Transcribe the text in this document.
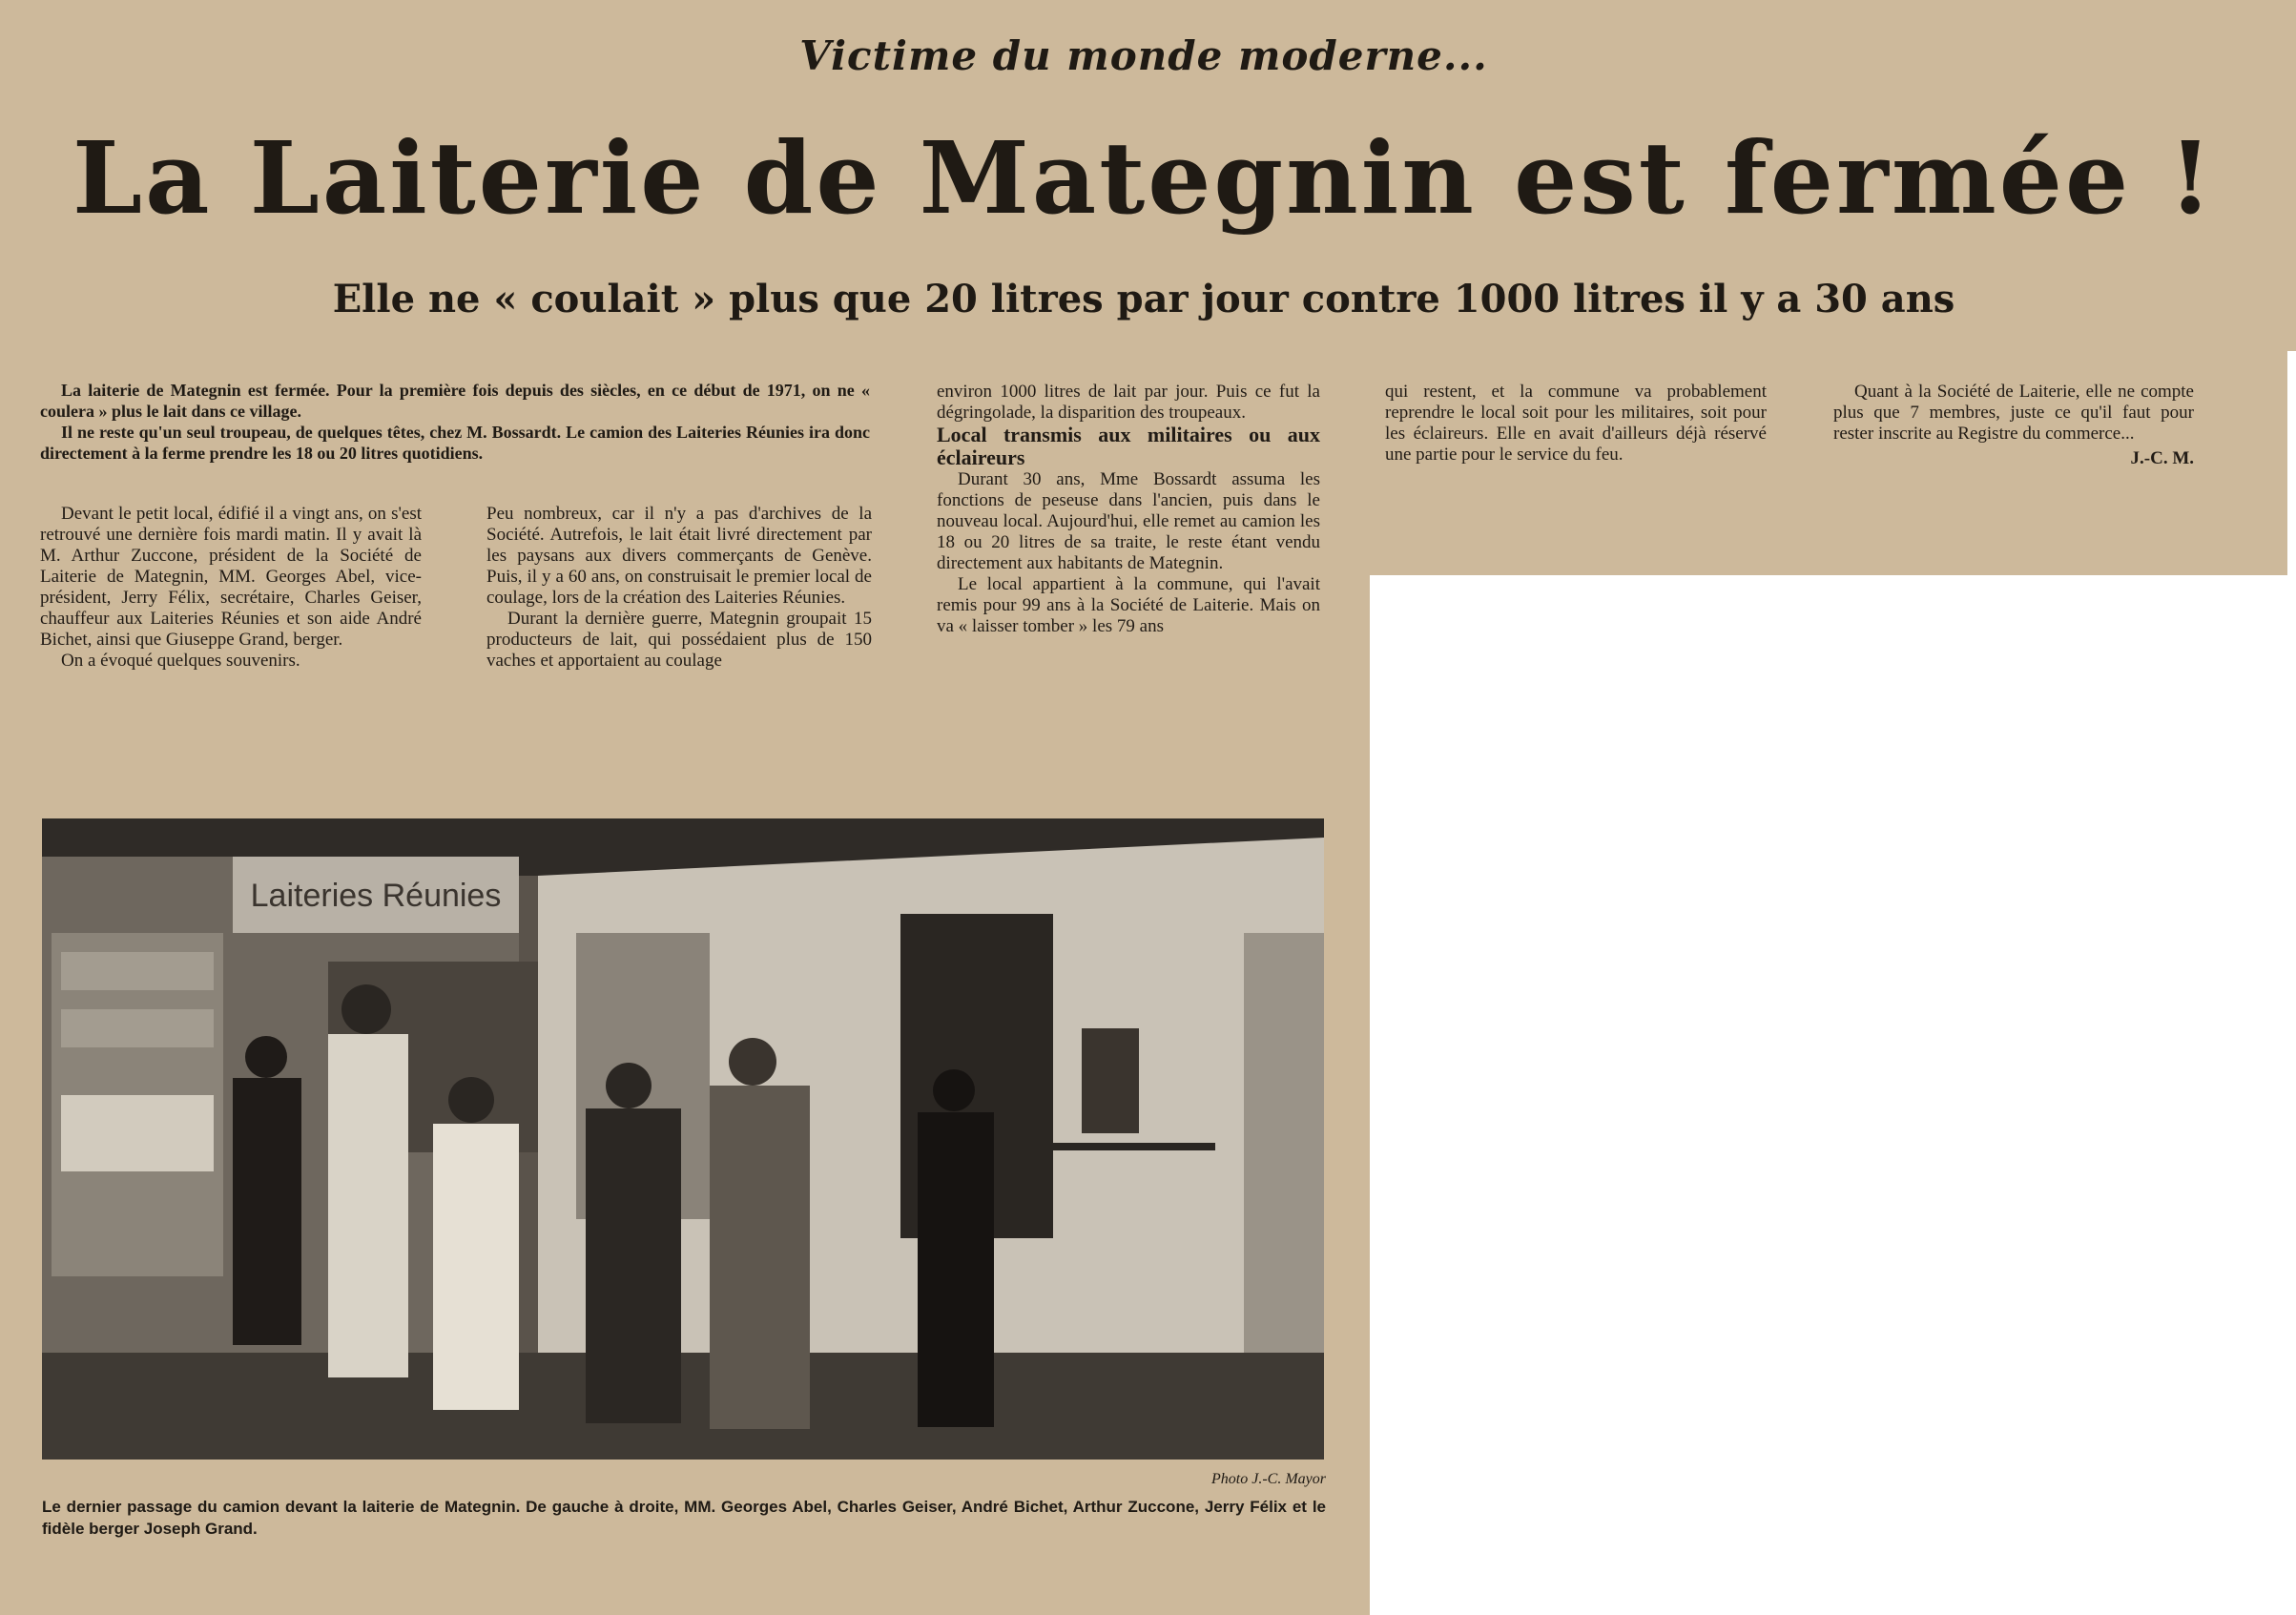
Victime du monde moderne...
La Laiterie de Mategnin est fermée !
Elle ne « coulait » plus que 20 litres par jour contre 1000 litres il y a 30 ans

La laiterie de Mategnin est fermée. Pour la première fois depuis des siècles, en ce début de 1971, on ne « coulera » plus le lait dans ce village.

Il ne reste qu'un seul troupeau, de quelques têtes, chez M. Bossardt. Le camion des Laiteries Réunies ira donc directement à la ferme prendre les 18 ou 20 litres quotidiens.

Devant le petit local, édifié il a vingt ans, on s'est retrouvé une dernière fois mardi matin. Il y avait là M. Arthur Zuccone, président de la Société de Laiterie de Mategnin, MM. Georges Abel, vice-président, Jerry Félix, secrétaire, Charles Geiser, chauffeur aux Laiteries Réunies et son aide André Bichet, ainsi que Giuseppe Grand, berger.

On a évoqué quelques souvenirs.

Peu nombreux, car il n'y a pas d'archives de la Société. Autrefois, le lait était livré directement par les paysans aux divers commerçants de Genève. Puis, il y a 60 ans, on construisait le premier local de coulage, lors de la création des Laiteries Réunies.

Durant la dernière guerre, Mategnin groupait 15 producteurs de lait, qui possédaient plus de 150 vaches et apportaient au coulage

environ 1000 litres de lait par jour. Puis ce fut la dégringolade, la disparition des troupeaux.

Local transmis aux militaires ou aux éclaireurs

Durant 30 ans, Mme Bossardt assuma les fonctions de peseuse dans l'ancien, puis dans le nouveau local. Aujourd'hui, elle remet au camion les 18 ou 20 litres de sa traite, le reste étant vendu directement aux habitants de Mategnin.

Le local appartient à la commune, qui l'avait remis pour 99 ans à la Société de Laiterie. Mais on va « laisser tomber » les 79 ans

qui restent, et la commune va probablement reprendre le local soit pour les militaires, soit pour les éclaireurs. Elle en avait d'ailleurs déjà réservé une partie pour le service du feu.

Quant à la Société de Laiterie, elle ne compte plus que 7 membres, juste ce qu'il faut pour rester inscrite au Registre du commerce...

J.-C. M.

Laiteries Réunies
Photo J.-C. Mayor
Le dernier passage du camion devant la laiterie de Mategnin. De gauche à droite, MM. Georges Abel, Charles Geiser, André Bichet, Arthur Zuccone, Jerry Félix et le fidèle berger Joseph Grand.
